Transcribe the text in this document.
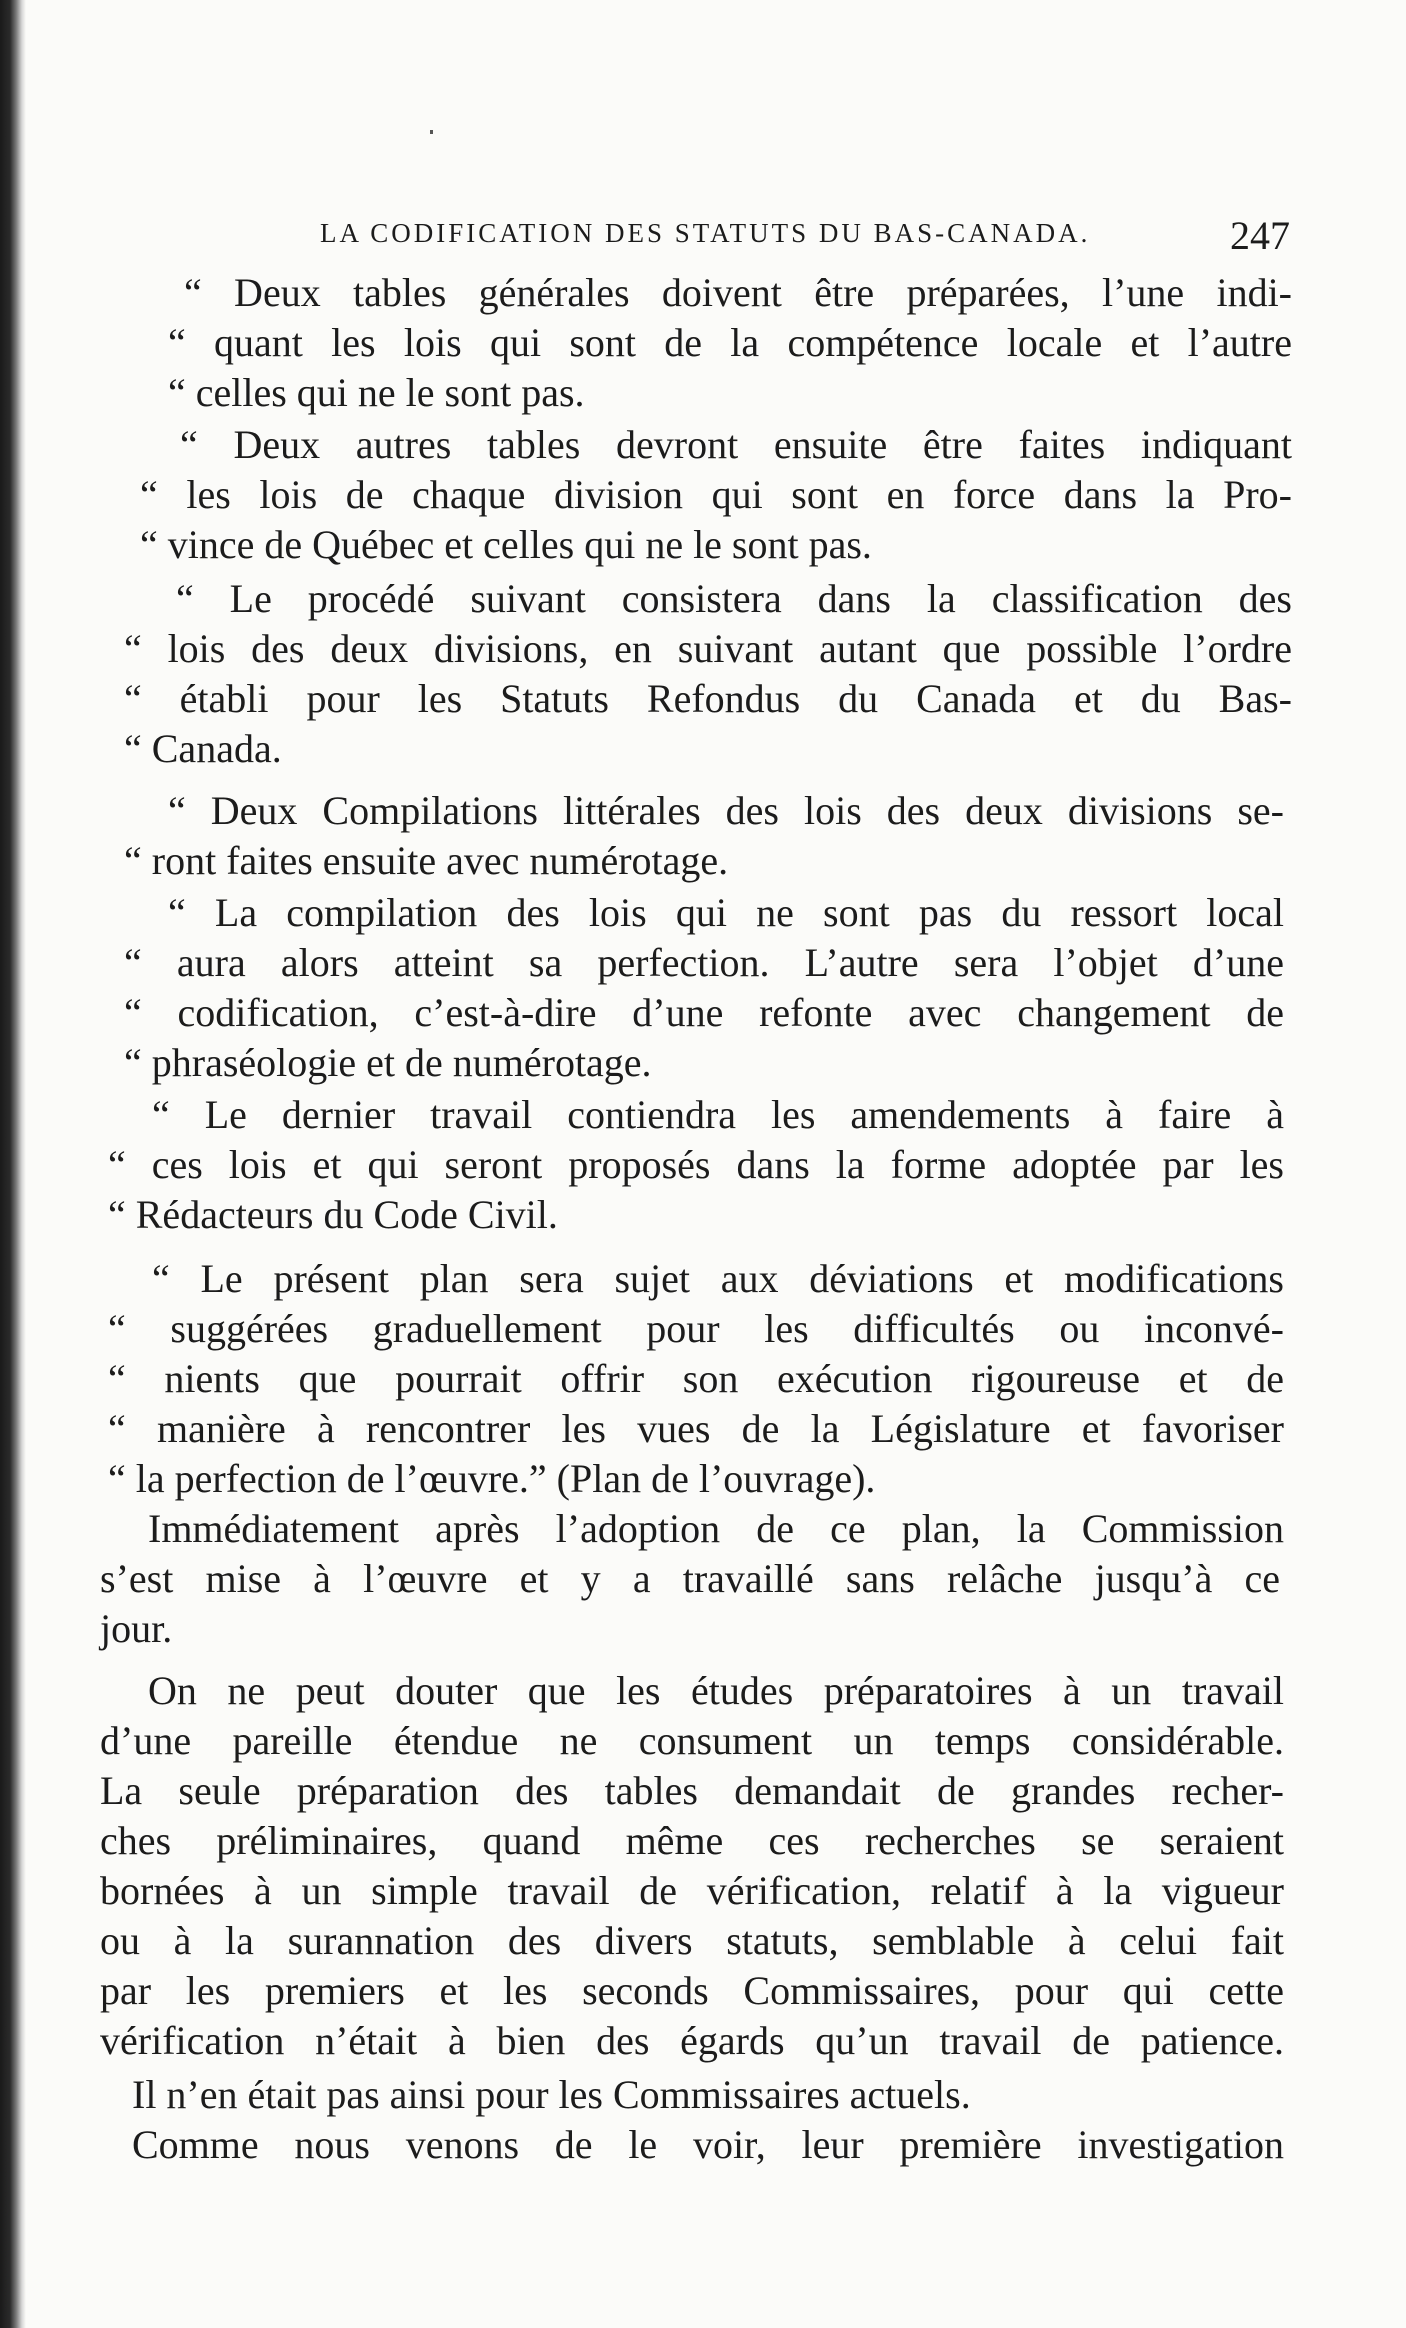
LA CODIFICATION DES STATUTS DU BAS-CANADA.	247
“ Deux tables générales doivent être préparées, l’une indi-
“ quant les lois qui sont de la compétence locale et l’autre
“ celles qui ne le sont pas.
“ Deux autres tables devront ensuite être faites indiquant
“ les lois de chaque division qui sont en force dans la Pro-
“ vince de Québec et celles qui ne le sont pas.
“ Le procédé suivant consistera dans la classification des
“ lois des deux divisions, en suivant autant que possible l’ordre
“ établi pour les Statuts Refondus du Canada et du Bas-
“ Canada.
“ Deux Compilations littérales des lois des deux divisions se-
“ ront faites ensuite avec numérotage.
“ La compilation des lois qui ne sont pas du ressort local
“ aura alors atteint sa perfection. L’autre sera l’objet d’une
“ codification, c’est-à-dire d’une refonte avec changement de
“ phraséologie et de numérotage.
“ Le dernier travail contiendra les amendements à faire à
“ ces lois et qui seront proposés dans la forme adoptée par les
“ Rédacteurs du Code Civil.
“ Le présent plan sera sujet aux déviations et modifications
“ suggérées graduellement pour les difficultés ou inconvé-
“ nients que pourrait offrir son exécution rigoureuse et de
“ manière à rencontrer les vues de la Législature et favoriser
“ la perfection de l’œuvre.” (Plan de l’ouvrage).
Immédiatement après l’adoption de ce plan, la Commission
s’est mise à l’œuvre et y a travaillé sans relâche jusqu’à ce
jour.
On ne peut douter que les études préparatoires à un travail
d’une pareille étendue ne consument un temps considérable.
La seule préparation des tables demandait de grandes recher-
ches préliminaires, quand même ces recherches se seraient
bornées à un simple travail de vérification, relatif à la vigueur
ou à la surannation des divers statuts, semblable à celui fait
par les premiers et les seconds Commissaires, pour qui cette
vérification n’était à bien des égards qu’un travail de patience.
Il n’en était pas ainsi pour les Commissaires actuels.
Comme nous venons de le voir, leur première investigation
